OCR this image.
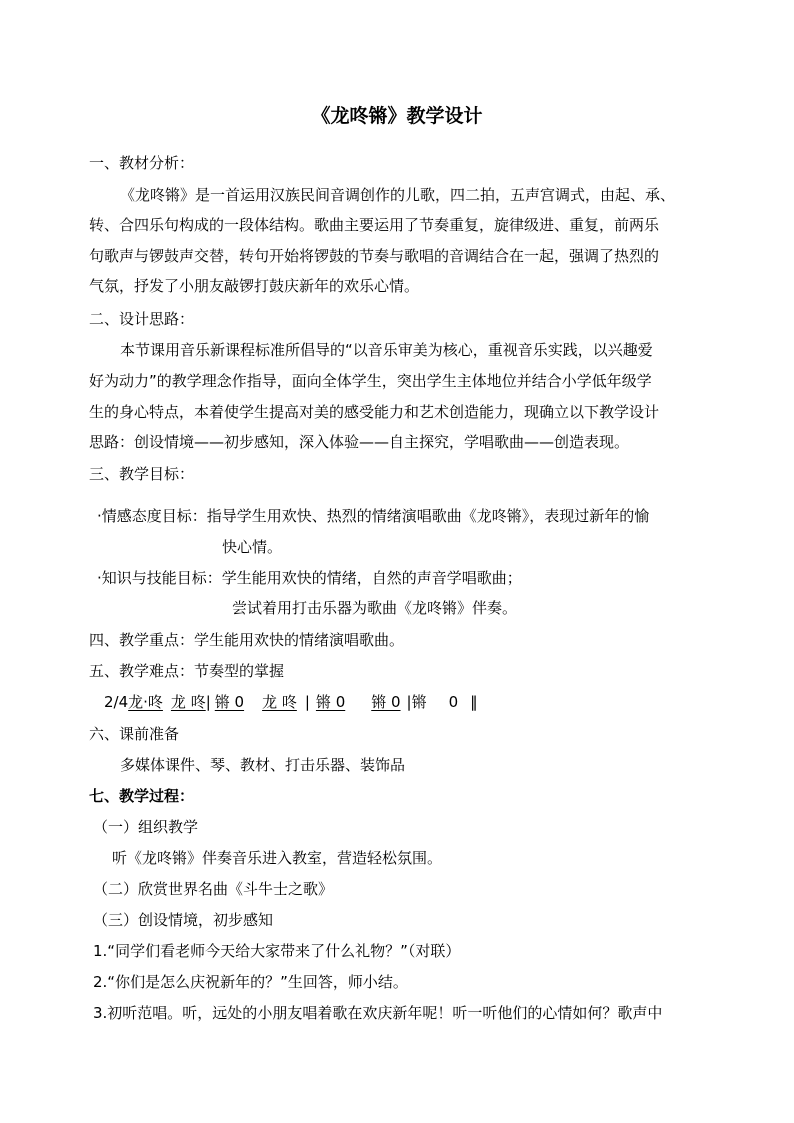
《龙咚锵》教学设计
一、教材分析：
《龙咚锵》是一首运用汉族民间音调创作的儿歌，四二拍，五声宫调式，由起、承、
转、合四乐句构成的一段体结构。歌曲主要运用了节奏重复，旋律级进、重复，前两乐
句歌声与锣鼓声交替，转句开始将锣鼓的节奏与歌唱的音调结合在一起，强调了热烈的
气氛，抒发了小朋友敲锣打鼓庆新年的欢乐心情。
二、设计思路：
本节课用音乐新课程标准所倡导的“以音乐审美为核心，重视音乐实践，以兴趣爱
好为动力”的教学理念作指导，面向全体学生，突出学生主体地位并结合小学低年级学
生的身心特点，本着使学生提高对美的感受能力和艺术创造能力，现确立以下教学设计
思路：创设情境——初步感知，深入体验——自主探究，学唱歌曲——创造表现。
三、教学目标：
·情感态度目标：指导学生用欢快、热烈的情绪演唱歌曲《龙咚锵》，表现过新年的愉
快心情。
·知识与技能目标：学生能用欢快的情绪，自然的声音学唱歌曲；
尝试着用打击乐器为歌曲《龙咚锵》伴奏。
四、教学重点：学生能用欢快的情绪演唱歌曲。
五、教学难点：节奏型的掌握
2/4龙·咚 龙 咚| 锵 0 龙 咚 | 锵 0 锵 0 |锵 0 ‖
六、课前准备
多媒体课件、琴、教材、打击乐器、装饰品
七、教学过程：
（一）组织教学
听《龙咚锵》伴奏音乐进入教室，营造轻松氛围。
（二）欣赏世界名曲《斗牛士之歌》
（三）创设情境，初步感知
1.“同学们看老师今天给大家带来了什么礼物？”（对联）
2.“你们是怎么庆祝新年的？”生回答，师小结。
3.初听范唱。听，远处的小朋友唱着歌在欢庆新年呢！听一听他们的心情如何？歌声中
